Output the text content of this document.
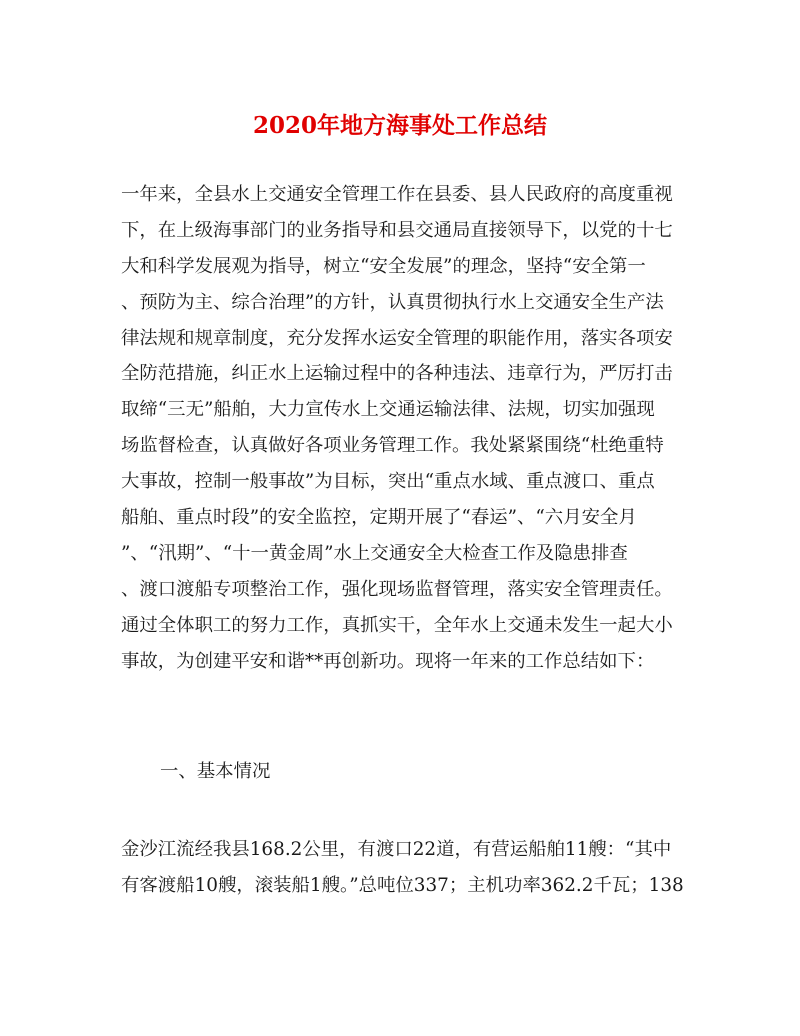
2020年地方海事处工作总结
一年来，全县水上交通安全管理工作在县委、县人民政府的高度重视
下，在上级海事部门的业务指导和县交通局直接领导下，以党的十七
大和科学发展观为指导，树立“安全发展”的理念，坚持“安全第一
、预防为主、综合治理”的方针，认真贯彻执行水上交通安全生产法
律法规和规章制度，充分发挥水运安全管理的职能作用，落实各项安
全防范措施，纠正水上运输过程中的各种违法、违章行为，严厉打击
取缔“三无”船舶，大力宣传水上交通运输法律、法规，切实加强现
场监督检查，认真做好各项业务管理工作。我处紧紧围绕“杜绝重特
大事故，控制一般事故”为目标，突出“重点水域、重点渡口、重点
船舶、重点时段”的安全监控，定期开展了“春运”、“六月安全月
”、“汛期”、“十一黄金周”水上交通安全大检查工作及隐患排查
、渡口渡船专项整治工作，强化现场监督管理，落实安全管理责任。
通过全体职工的努力工作，真抓实干，全年水上交通未发生一起大小
事故，为创建平安和谐**再创新功。现将一年来的工作总结如下：
一、基本情况
金沙江流经我县168.2公里，有渡口22道，有营运船舶11艘：“其中
有客渡船10艘，滚装船1艘。”总吨位337；主机功率362.2千瓦；138
